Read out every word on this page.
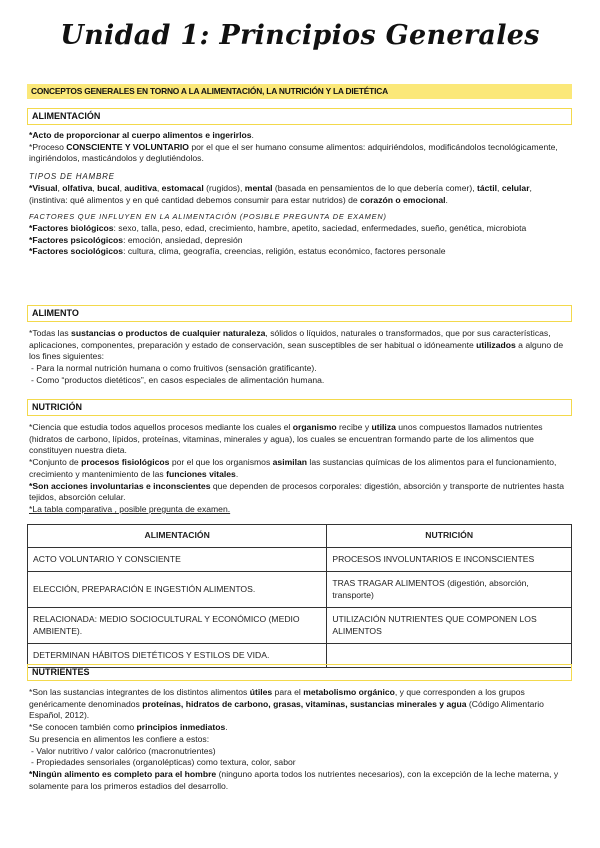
Unidad 1: Principios Generales
CONCEPTOS GENERALES EN TORNO A LA ALIMENTACIÓN, LA NUTRICIÓN Y LA DIETÉTICA
ALIMENTACIÓN

*Acto de proporcionar al cuerpo alimentos e ingerirlos.

*Proceso CONSCIENTE Y VOLUNTARIO por el que el ser humano consume alimentos: adquiriéndolos, modificándolos tecnológicamente, ingiriéndolos, masticándolos y deglutiéndolos.

TIPOS DE HAMBRE

*Visual, olfativa, bucal, auditiva, estomacal (rugidos), mental (basada en pensamientos de lo que debería comer), táctil, celular, (instintiva: qué alimentos y en qué cantidad debemos consumir para estar nutridos) de corazón o emocional.

FACTORES QUE INFLUYEN EN LA ALIMENTACIÓN (POSIBLE PREGUNTA DE EXAMEN)

*Factores biológicos: sexo, talla, peso, edad, crecimiento, hambre, apetito, saciedad, enfermedades, sueño, genética, microbiota

*Factores psicológicos: emoción, ansiedad, depresión

*Factores sociológicos: cultura, clima, geografía, creencias, religión, estatus económico, factores personale

ALIMENTO

*Todas las sustancias o productos de cualquier naturaleza, sólidos o líquidos, naturales o transformados, que por sus características, aplicaciones, componentes, preparación y estado de conservación, sean susceptibles de ser habitual o idóneamente utilizados a alguno de los fines siguientes:

- Para la normal nutrición humana o como fruitivos (sensación gratificante).

- Como “productos dietéticos”, en casos especiales de alimentación humana.

NUTRICIÓN

*Ciencia que estudia todos aquellos procesos mediante los cuales el organismo recibe y utiliza unos compuestos llamados nutrientes (hidratos de carbono, lípidos, proteínas, vitaminas, minerales y agua), los cuales se encuentran formando parte de los alimentos que constituyen nuestra dieta.

*Conjunto de procesos fisiológicos por el que los organismos asimilan las sustancias químicas de los alimentos para el funcionamiento, crecimiento y mantenimiento de las funciones vitales.

*Son acciones involuntarias e inconscientes que dependen de procesos corporales: digestión, absorción y transporte de nutrientes hasta tejidos, absorción celular.

*La tabla comparativa , posible pregunta de examen.

ALIMENTACIÓN	NUTRICIÓN
ACTO VOLUNTARIO Y CONSCIENTE	PROCESOS INVOLUNTARIOS E INCONSCIENTES
ELECCIÓN, PREPARACIÓN E INGESTIÓN ALIMENTOS.	TRAS TRAGAR ALIMENTOS (digestión, absorción, transporte)
RELACIONADA: MEDIO SOCIOCULTURAL Y ECONÓMICO (MEDIO AMBIENTE).	UTILIZACIÓN NUTRIENTES QUE COMPONEN LOS ALIMENTOS
DETERMINAN HÁBITOS DIETÉTICOS Y ESTILOS DE VIDA.	
NUTRIENTES

*Son las sustancias integrantes de los distintos alimentos útiles para el metabolismo orgánico, y que corresponden a los grupos genéricamente denominados proteínas, hidratos de carbono, grasas, vitaminas, sustancias minerales y agua (Código Alimentario Español, 2012).

*Se conocen también como principios inmediatos.

Su presencia en alimentos les confiere a estos:

- Valor nutritivo / valor calórico (macronutrientes)

- Propiedades sensoriales (organolépticas) como textura, color, sabor

*Ningún alimento es completo para el hombre (ninguno aporta todos los nutrientes necesarios), con la excepción de la leche materna, y solamente para los primeros estadios del desarrollo.
